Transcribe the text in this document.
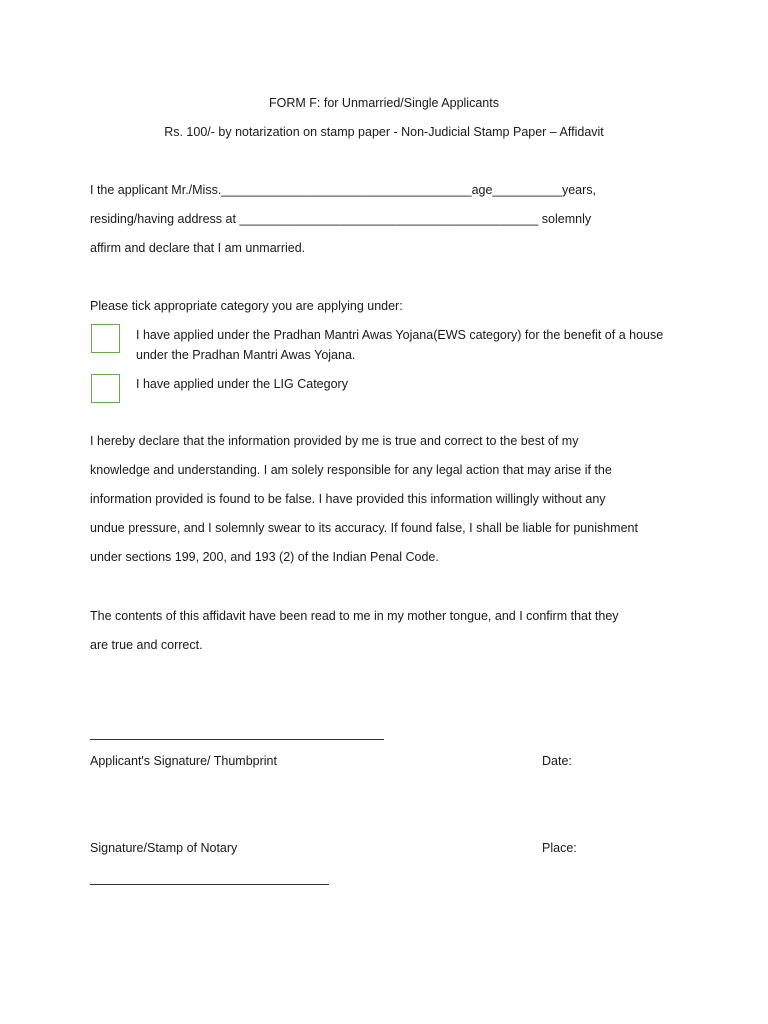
FORM F: for Unmarried/Single Applicants
Rs. 100/- by notarization on stamp paper - Non-Judicial Stamp Paper – Affidavit
I the applicant Mr./Miss.____________________________________age__________years,
residing/having address at ___________________________________________ solemnly
affirm and declare that I am unmarried.
Please tick appropriate category you are applying under:
I have applied under the Pradhan Mantri Awas Yojana(EWS category) for the benefit of a house
under the Pradhan Mantri Awas Yojana.
I have applied under the LIG Category
I hereby declare that the information provided by me is true and correct to the best of my
knowledge and understanding. I am solely responsible for any legal action that may arise if the
information provided is found to be false. I have provided this information willingly without any
undue pressure, and I solemnly swear to its accuracy. If found false, I shall be liable for punishment
under sections 199, 200, and 193 (2) of the Indian Penal Code.
The contents of this affidavit have been read to me in my mother tongue, and I confirm that they
are true and correct.
Applicant's Signature/ Thumbprint	Date:
Signature/Stamp of Notary	Place:
